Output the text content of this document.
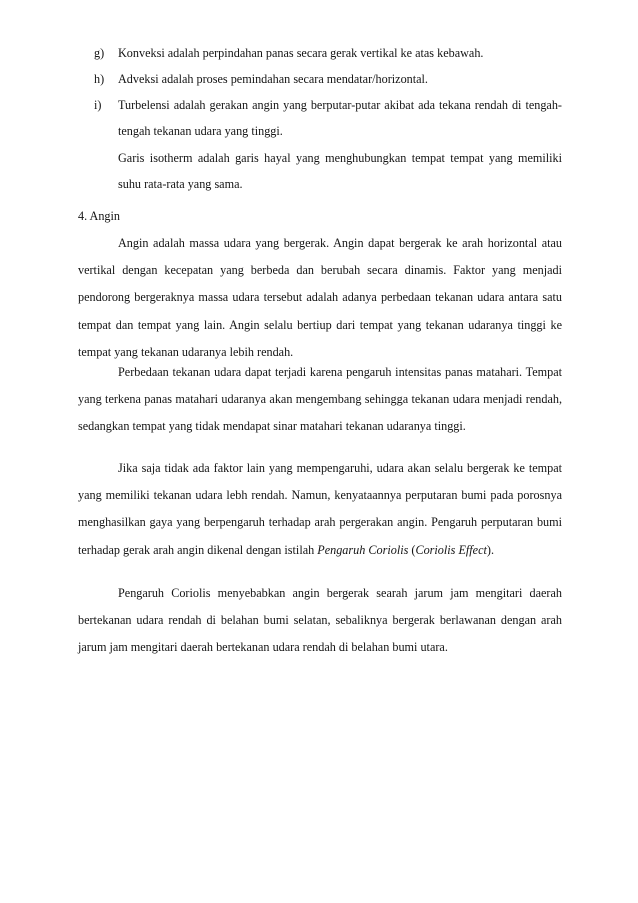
g) Konveksi adalah perpindahan panas secara gerak vertikal ke atas kebawah.
h) Adveksi adalah proses pemindahan secara mendatar/horizontal.
i) Turbelensi adalah gerakan angin yang berputar-putar akibat ada tekana rendah di tengah-tengah tekanan udara yang tinggi.
Garis isotherm adalah garis hayal yang menghubungkan tempat tempat yang memiliki suhu rata-rata yang sama.
4. Angin

Angin adalah massa udara yang bergerak. Angin dapat bergerak ke arah horizontal atau vertikal dengan kecepatan yang berbeda dan berubah secara dinamis. Faktor yang menjadi pendorong bergeraknya massa udara tersebut adalah adanya perbedaan tekanan udara antara satu tempat dan tempat yang lain. Angin selalu bertiup dari tempat yang tekanan udaranya tinggi ke tempat yang tekanan udaranya lebih rendah.

Perbedaan tekanan udara dapat terjadi karena pengaruh intensitas panas matahari. Tempat yang terkena panas matahari udaranya akan mengembang sehingga tekanan udara menjadi rendah, sedangkan tempat yang tidak mendapat sinar matahari tekanan udaranya tinggi.

Jika saja tidak ada faktor lain yang mempengaruhi, udara akan selalu bergerak ke tempat yang memiliki tekanan udara lebh rendah. Namun, kenyataannya perputaran bumi pada porosnya menghasilkan gaya yang berpengaruh terhadap arah pergerakan angin. Pengaruh perputaran bumi terhadap gerak arah angin dikenal dengan istilah Pengaruh Coriolis (Coriolis Effect).

Pengaruh Coriolis menyebabkan angin bergerak searah jarum jam mengitari daerah bertekanan udara rendah di belahan bumi selatan, sebaliknya bergerak berlawanan dengan arah jarum jam mengitari daerah bertekanan udara rendah di belahan bumi utara.
